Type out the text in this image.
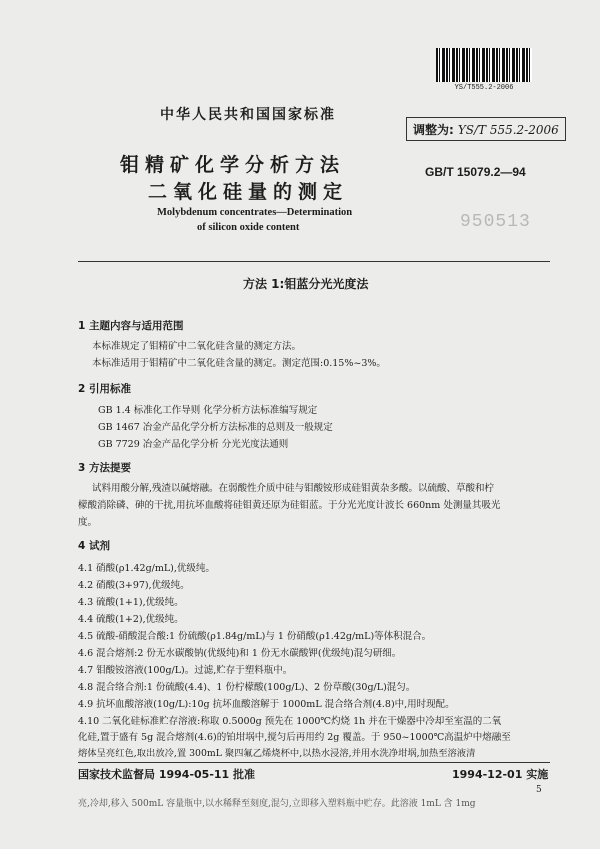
YS/T555.2-2006
中华人民共和国国家标准
调整为: YS/T 555.2-2006
钼精矿化学分析方法
二氧化硅量的测定
GB/T 15079.2—94
Molybdenum concentrates—Determination
of silicon oxide content	950513
方法 1:钼蓝分光光度法
1 主题内容与适用范围
本标准规定了钼精矿中二氧化硅含量的测定方法。
本标准适用于钼精矿中二氧化硅含量的测定。测定范围:0.15%~3%。
2 引用标准
GB 1.4 标准化工作导则 化学分析方法标准编写规定
GB 1467 冶金产品化学分析方法标准的总则及一般规定
GB 7729 冶金产品化学分析 分光光度法通则
3 方法提要
试料用酸分解,残渣以碱熔融。在弱酸性介质中硅与钼酸铵形成硅钼黄杂多酸。以硫酸、草酸和柠
檬酸消除磷、砷的干扰,用抗坏血酸将硅钼黄还原为硅钼蓝。于分光光度计波长 660nm 处测量其吸光
度。
4 试剂
4.1 硝酸(ρ1.42g/mL),优级纯。
4.2 硝酸(3+97),优级纯。
4.3 硫酸(1+1),优级纯。
4.4 硫酸(1+2),优级纯。
4.5 硫酸-硝酸混合酸:1 份硫酸(ρ1.84g/mL)与 1 份硝酸(ρ1.42g/mL)等体积混合。
4.6 混合熔剂:2 份无水碳酸钠(优级纯)和 1 份无水碳酸钾(优级纯)混匀研细。
4.7 钼酸铵溶液(100g/L)。过滤,贮存于塑料瓶中。
4.8 混合络合剂:1 份硫酸(4.4)、1 份柠檬酸(100g/L)、2 份草酸(30g/L)混匀。
4.9 抗坏血酸溶液(10g/L):10g 抗坏血酸溶解于 1000mL 混合络合剂(4.8)中,用时现配。
4.10 二氧化硅标准贮存溶液:称取 0.5000g 预先在 1000℃灼烧 1h 并在干燥器中冷却至室温的二氧
化硅,置于盛有 5g 混合熔剂(4.6)的铂坩埚中,搅匀后再用约 2g 覆盖。于 950~1000℃高温炉中熔融至
熔体呈亮红色,取出放冷,置 300mL 聚四氟乙烯烧杯中,以热水浸溶,并用水洗净坩埚,加热至溶液清
国家技术监督局 1994-05-11 批准	1994-12-01 实施
5
亮,冷却,移入 500mL 容量瓶中,以水稀释至刻度,混匀,立即移入塑料瓶中贮存。此溶液 1mL 含 1mg
